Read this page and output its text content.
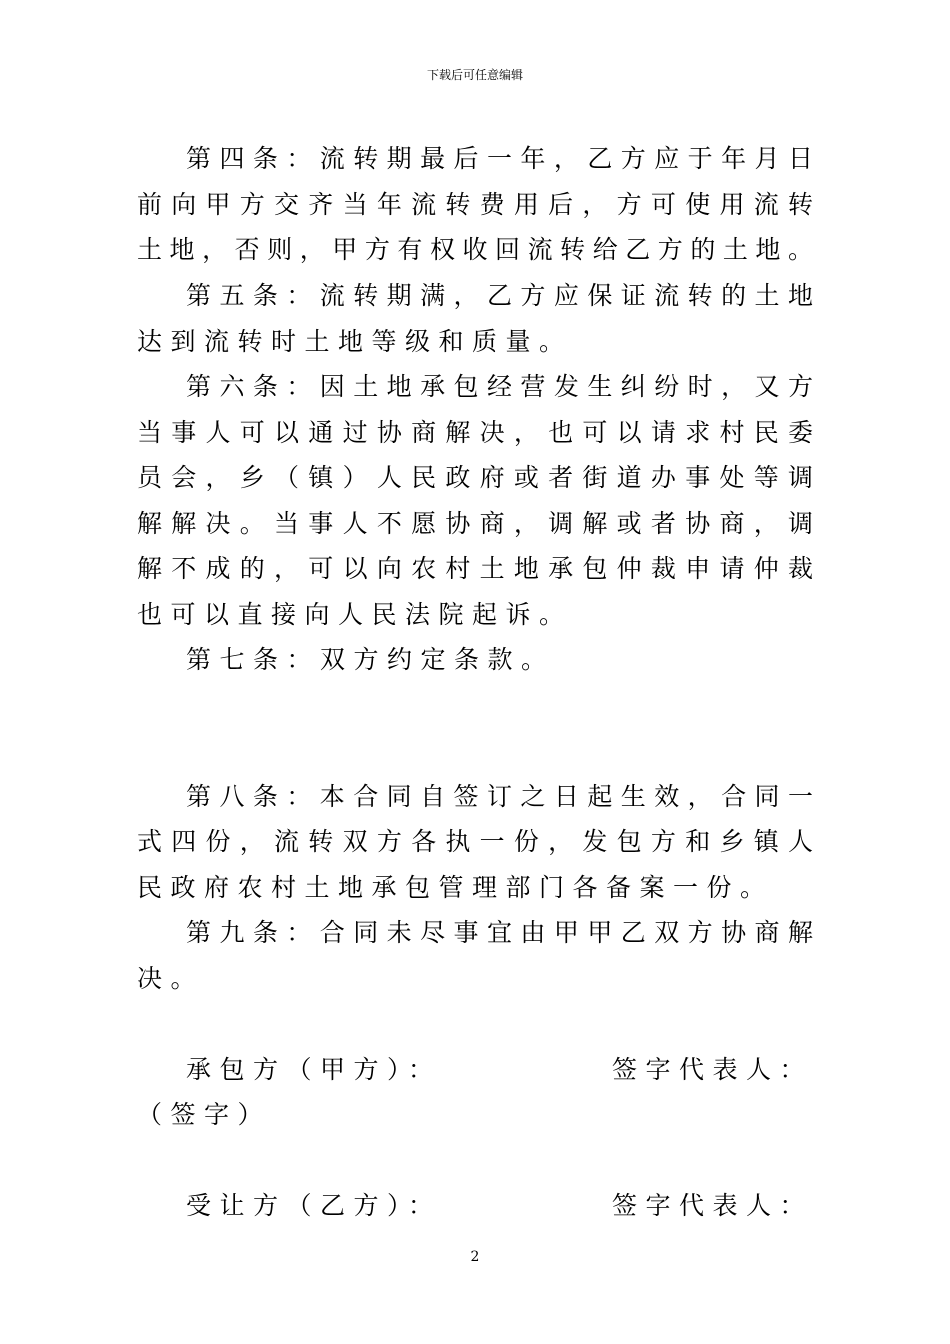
下载后可任意编辑
第四条：流转期最后一年，乙方应于年月日
前向甲方交齐当年流转费用后，方可使用流转
土地，否则，甲方有权收回流转给乙方的土地。
第五条：流转期满，乙方应保证流转的土地
达到流转时土地等级和质量。
第六条：因土地承包经营发生纠纷时，又方
当事人可以通过协商解决，也可以请求村民委
员会，乡（镇）人民政府或者街道办事处等调
解解决。当事人不愿协商，调解或者协商，调
解不成的，可以向农村土地承包仲裁申请仲裁
也可以直接向人民法院起诉。
第七条：双方约定条款。
第八条：本合同自签订之日起生效，合同一
式四份，流转双方各执一份，发包方和乡镇人
民政府农村土地承包管理部门各备案一份。
第九条：合同未尽事宜由甲甲乙双方协商解
决。
承包方（甲方）：	签字代表人：
（签字）
受让方（乙方）：	签字代表人：
2
